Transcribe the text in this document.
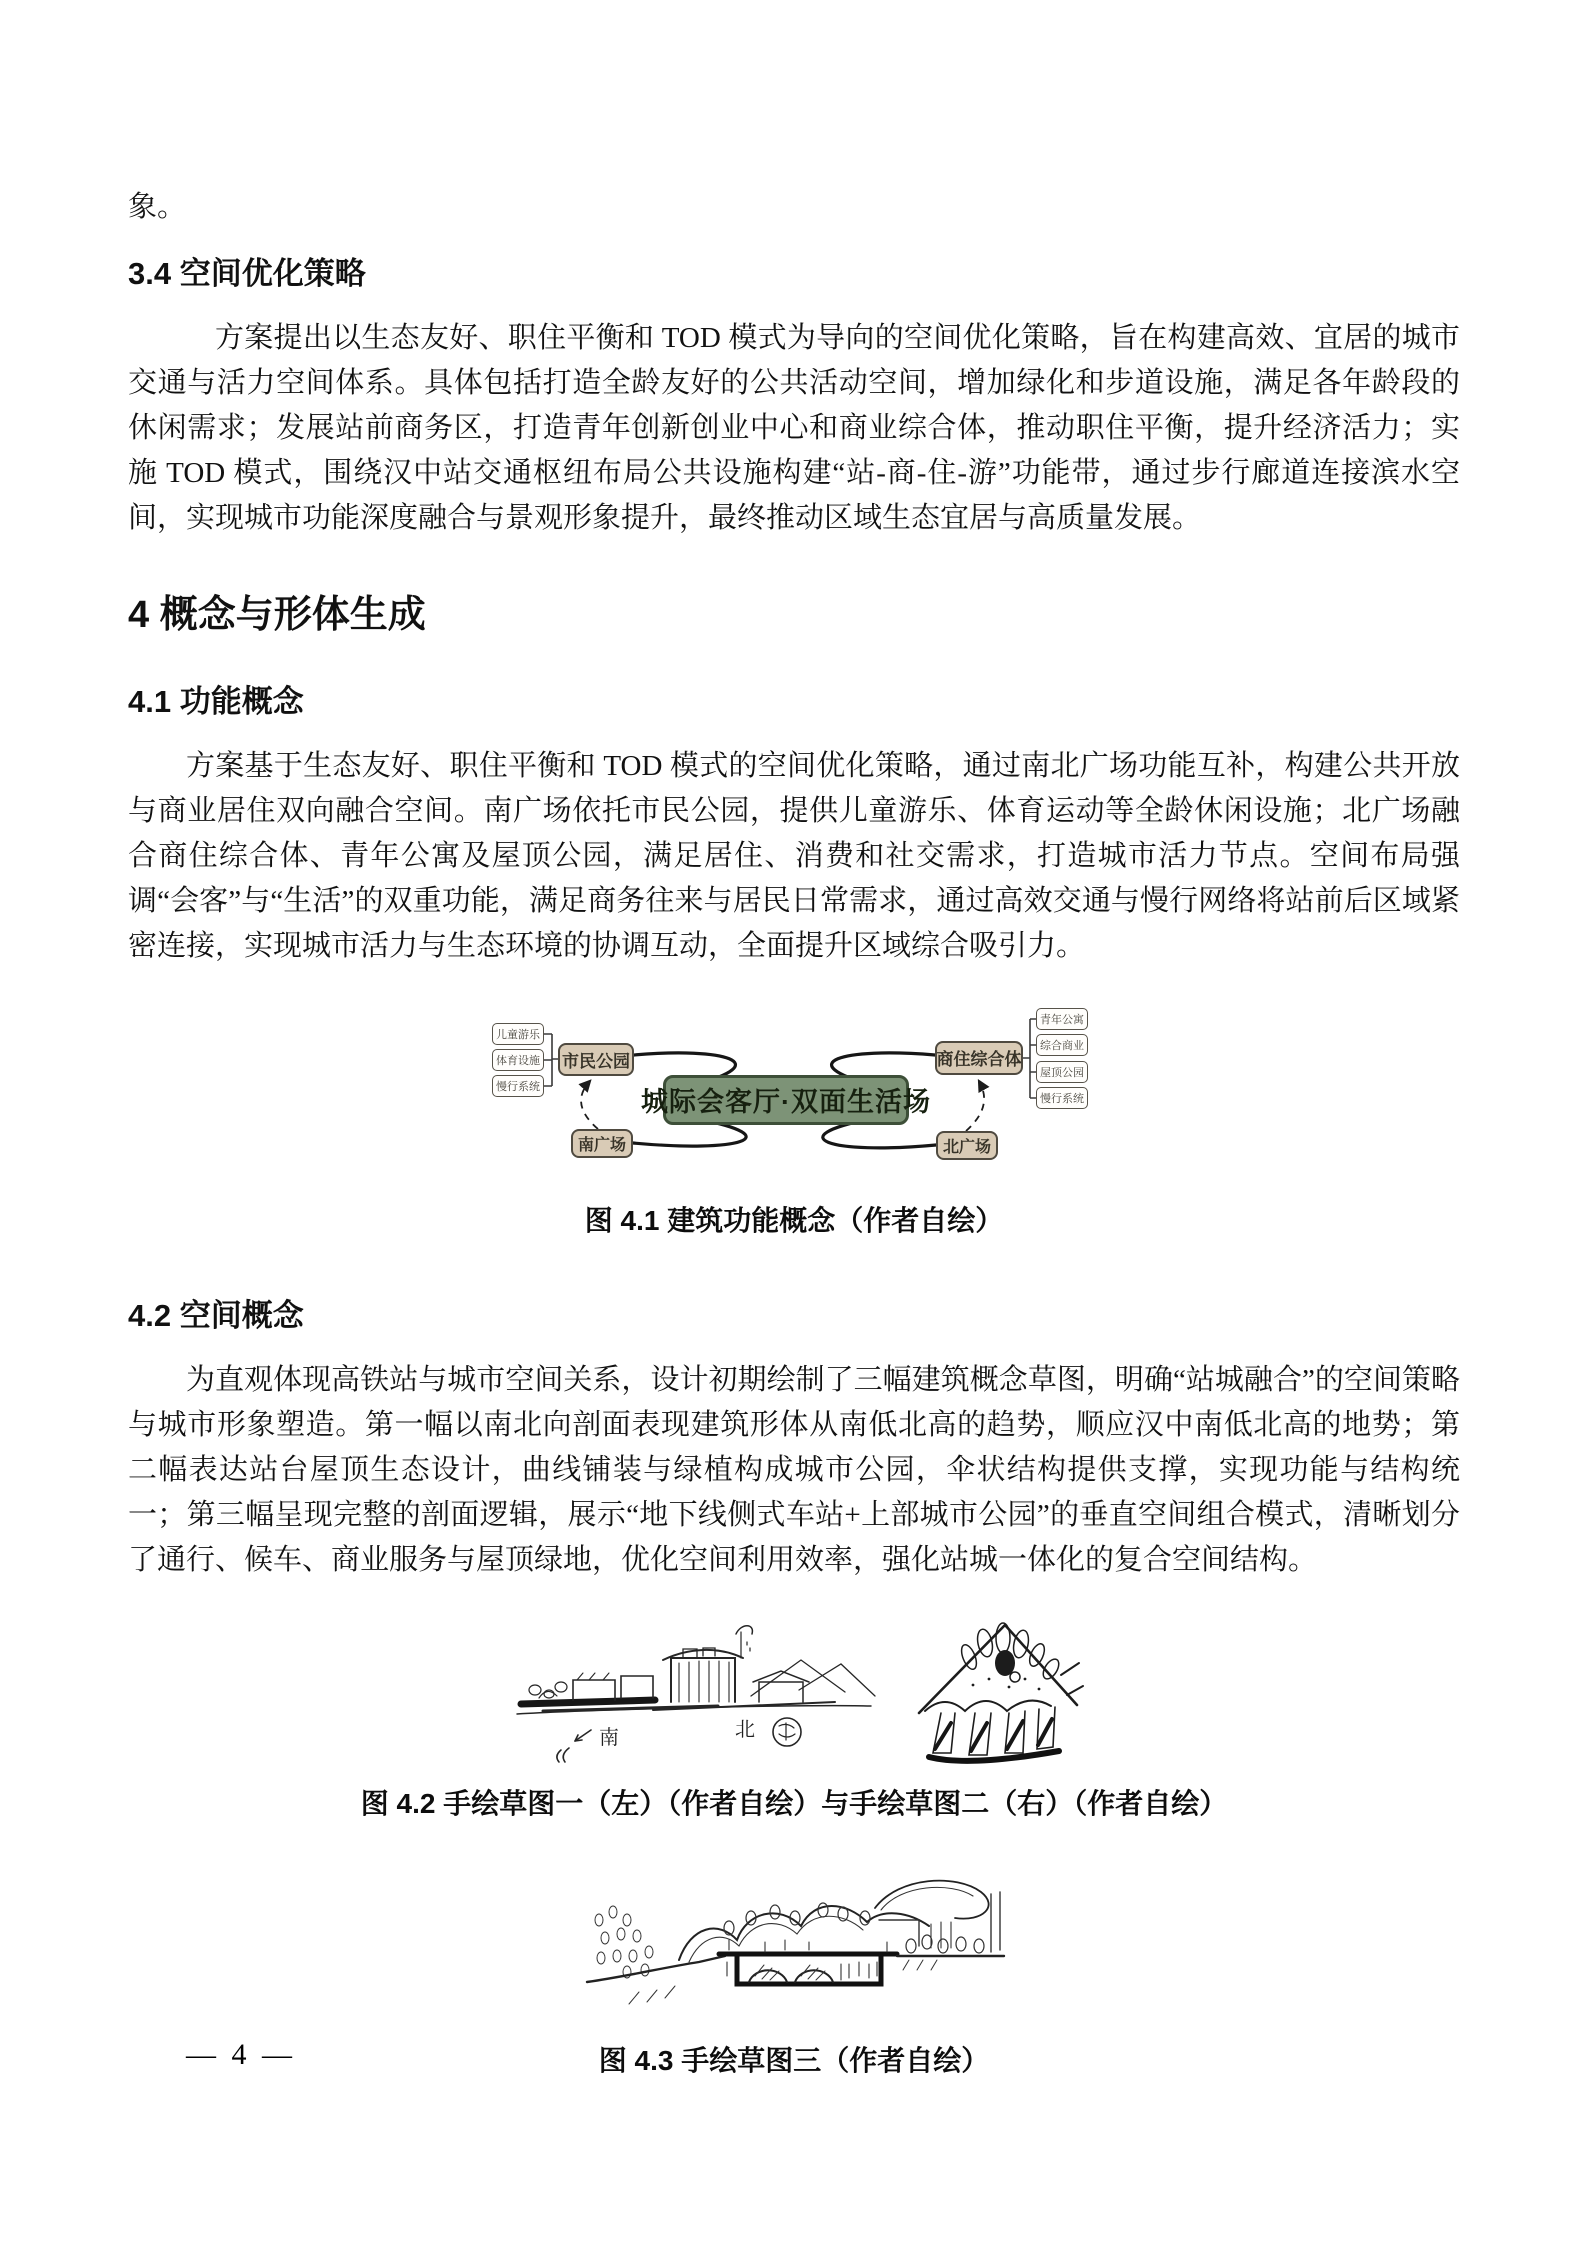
象。
3.4 空间优化策略
方案提出以生态友好、职住平衡和 TOD 模式为导向的空间优化策略，旨在构建高效、宜居的城市交通与活力空间体系。具体包括打造全龄友好的公共活动空间，增加绿化和步道设施，满足各年龄段的休闲需求；发展站前商务区，打造青年创新创业中心和商业综合体，推动职住平衡，提升经济活力；实施 TOD 模式，围绕汉中站交通枢纽布局公共设施构建“站-商-住-游”功能带，通过步行廊道连接滨水空间，实现城市功能深度融合与景观形象提升，最终推动区域生态宜居与高质量发展。
4 概念与形体生成
4.1 功能概念
方案基于生态友好、职住平衡和 TOD 模式的空间优化策略，通过南北广场功能互补，构建公共开放与商业居住双向融合空间。南广场依托市民公园，提供儿童游乐、体育运动等全龄休闲设施；北广场融合商住综合体、青年公寓及屋顶公园，满足居住、消费和社交需求，打造城市活力节点。空间布局强调“会客”与“生活”的双重功能，满足商务往来与居民日常需求，通过高效交通与慢行网络将站前后区域紧密连接，实现城市活力与生态环境的协调互动，全面提升区域综合吸引力。
儿童游乐
体育设施
慢行系统
市民公园
南广场
城际会客厅·双面生活场
商住综合体
青年公寓
综合商业
屋顶公园
慢行系统
北广场
图 4.1 建筑功能概念（作者自绘）
4.2 空间概念
为直观体现高铁站与城市空间关系，设计初期绘制了三幅建筑概念草图，明确“站城融合”的空间策略与城市形象塑造。第一幅以南北向剖面表现建筑形体从南低北高的趋势，顺应汉中南低北高的地势；第二幅表达站台屋顶生态设计，曲线铺装与绿植构成城市公园，伞状结构提供支撑，实现功能与结构统一；第三幅呈现完整的剖面逻辑，展示“地下线侧式车站+上部城市公园”的垂直空间组合模式，清晰划分了通行、候车、商业服务与屋顶绿地，优化空间利用效率，强化站城一体化的复合空间结构。
南	北
图 4.2 手绘草图一（左）（作者自绘）与手绘草图二（右）（作者自绘）
图 4.3 手绘草图三（作者自绘）
— 4 —
